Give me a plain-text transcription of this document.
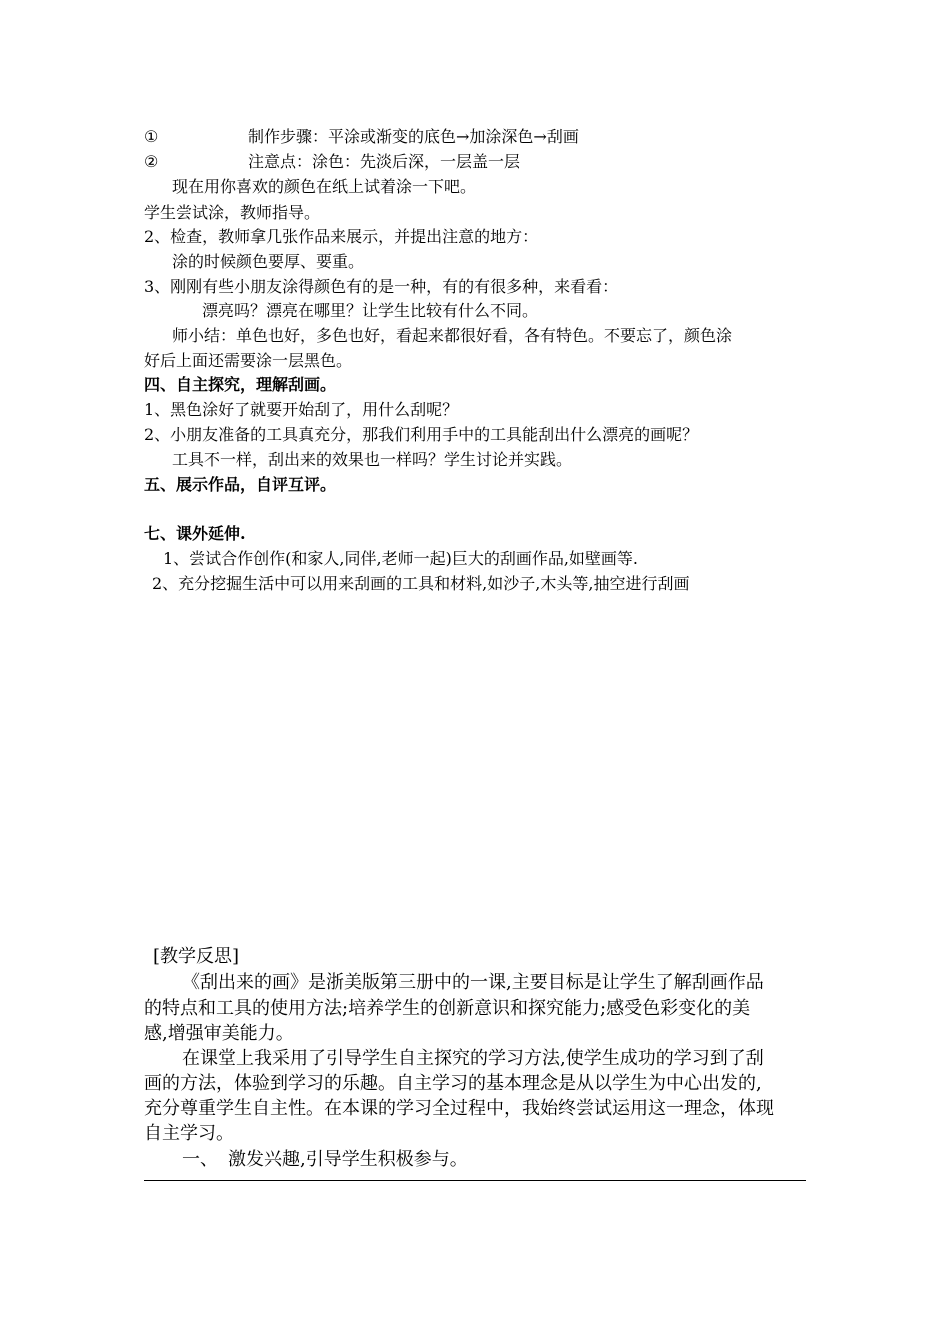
①	制作步骤：平涂或渐变的底色→加涂深色→刮画
②	注意点：涂色：先淡后深，一层盖一层
现在用你喜欢的颜色在纸上试着涂一下吧。
学生尝试涂，教师指导。
2、检查，教师拿几张作品来展示，并提出注意的地方：
涂的时候颜色要厚、要重。
3、刚刚有些小朋友涂得颜色有的是一种，有的有很多种，来看看：
漂亮吗？漂亮在哪里？让学生比较有什么不同。
师小结：单色也好，多色也好，看起来都很好看，各有特色。不要忘了，颜色涂
好后上面还需要涂一层黑色。
四、自主探究，理解刮画。
1、黑色涂好了就要开始刮了，用什么刮呢？
2、小朋友准备的工具真充分，那我们利用手中的工具能刮出什么漂亮的画呢？
工具不一样，刮出来的效果也一样吗？学生讨论并实践。
五、展示作品，自评互评。
七、课外延伸.
1、尝试合作创作(和家人,同伴,老师一起)巨大的刮画作品,如壁画等.
2、充分挖掘生活中可以用来刮画的工具和材料,如沙子,木头等,抽空进行刮画
[教学反思]
《刮出来的画》是浙美版第三册中的一课,主要目标是让学生了解刮画作品
的特点和工具的使用方法;培养学生的创新意识和探究能力;感受色彩变化的美
感,增强审美能力。
在课堂上我采用了引导学生自主探究的学习方法,使学生成功的学习到了刮
画的方法，体验到学习的乐趣。自主学习的基本理念是从以学生为中心出发的,
充分尊重学生自主性。在本课的学习全过程中，我始终尝试运用这一理念，体现
自主学习。
一、 激发兴趣,引导学生积极参与。
